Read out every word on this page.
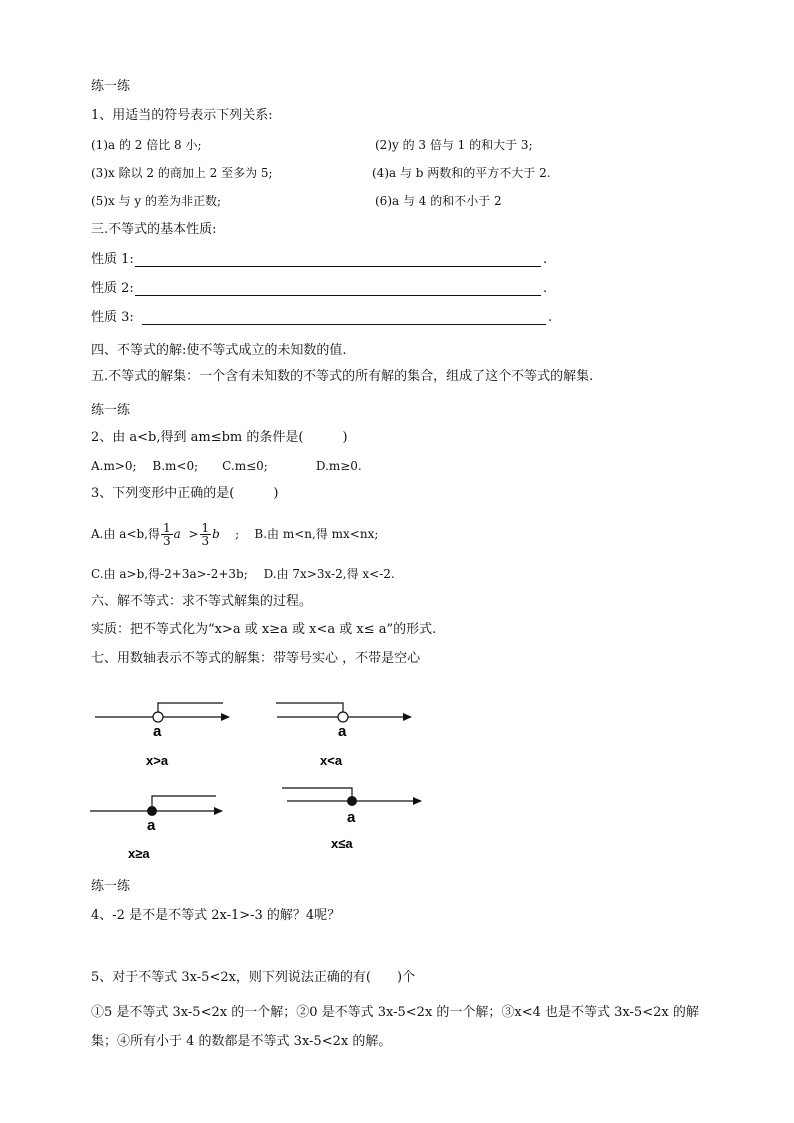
练一练
1、用适当的符号表示下列关系:
(1)a 的 2 倍比 8 小;	(2)y 的 3 倍与 1 的和大于 3;
(3)x 除以 2 的商加上 2 至多为 5;	(4)a 与 b 两数和的平方不大于 2.
(5)x 与 y 的差为非正数;	(6)a 与 4 的和不小于 2
三.不等式的基本性质:
性质 1:	.
性质 2:	.
性质 3:	.
四、不等式的解:使不等式成立的未知数的值.
五.不等式的解集：一个含有未知数的不等式的所有解的集合，组成了这个不等式的解集.
练一练
2、由 a<b,得到 am≤bm 的条件是(　　　)
A.m>0;　 B.m<0;　　C.m≤0;　　　　D.m≥0.
3、下列变形中正确的是(　　　)
A.由 a<b,得 $\frac{1}{3}$ $a > \frac{1}{3}$ b ; B.由 m<n,得 mx<nx;
C.由 a>b,得-2+3a>-2+3b;　 D.由 7x>3x-2,得 x<-2.
六、解不等式：求不等式解集的过程。
实质：把不等式化为“x>a 或 x≥a 或 x<a 或 x≤ a”的形式.
七、用数轴表示不等式的解集：带等号实心 ，不带是空心
a
x>a
a
x<a
a
x≥a
a
x≤a
练一练
4、-2 是不是不等式 2x-1>-3 的解？4呢？
5、对于不等式 3x-5<2x，则下列说法正确的有(　　)个
①5 是不等式 3x-5<2x 的一个解；②0 是不等式 3x-5<2x 的一个解；③x<4 也是不等式 3x-5<2x 的解
集；④所有小于 4 的数都是不等式 3x-5<2x 的解。
